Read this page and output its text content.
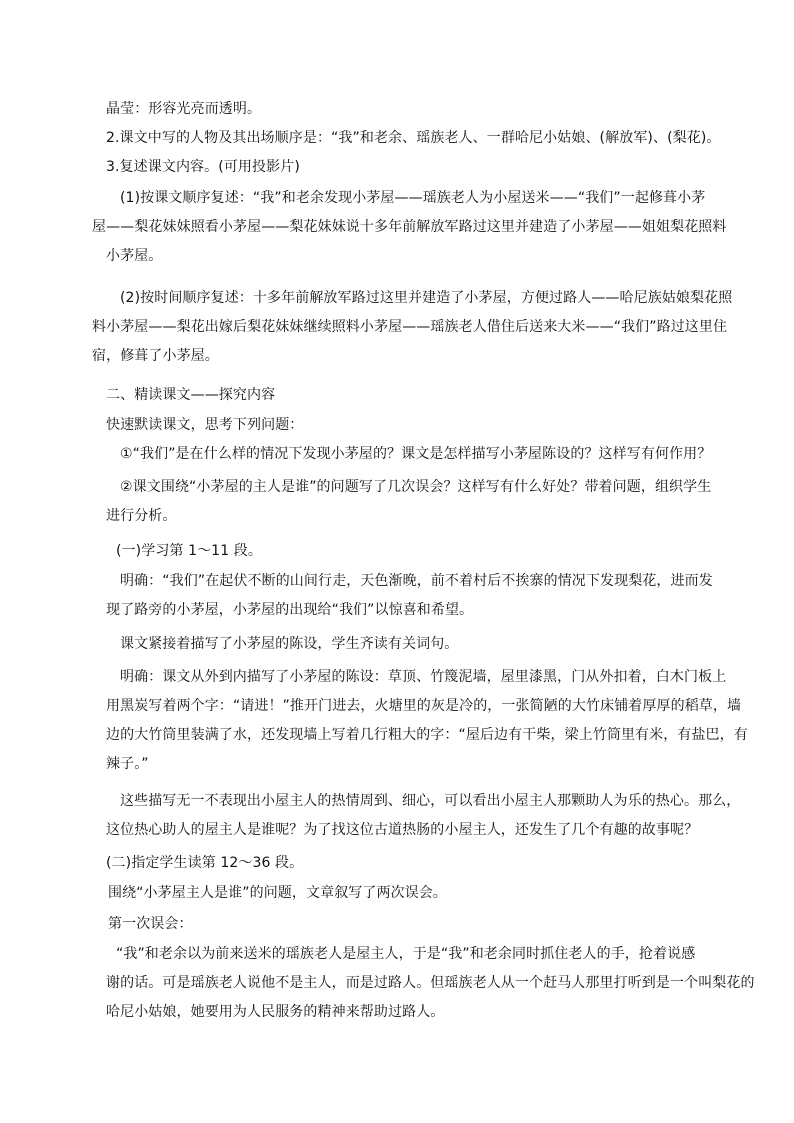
晶莹：形容光亮而透明。
2.课文中写的人物及其出场顺序是：“我”和老余、瑶族老人、一群哈尼小姑娘、(解放军)、(梨花)。
3.复述课文内容。(可用投影片)
(1)按课文顺序复述：“我”和老余发现小茅屋——瑶族老人为小屋送米——“我们”一起修葺小茅
屋——梨花妹妹照看小茅屋——梨花妹妹说十多年前解放军路过这里并建造了小茅屋——姐姐梨花照料
小茅屋。
(2)按时间顺序复述：十多年前解放军路过这里并建造了小茅屋，方便过路人——哈尼族姑娘梨花照
料小茅屋——梨花出嫁后梨花妹妹继续照料小茅屋——瑶族老人借住后送来大米——“我们”路过这里住
宿，修葺了小茅屋。
二、精读课文——探究内容
快速默读课文，思考下列问题：
①“我们”是在什么样的情况下发现小茅屋的？课文是怎样描写小茅屋陈设的？这样写有何作用？
②课文围绕“小茅屋的主人是谁”的问题写了几次误会？这样写有什么好处？带着问题，组织学生
进行分析。
(一)学习第 1～11 段。
明确：“我们”在起伏不断的山间行走，天色渐晚，前不着村后不挨寨的情况下发现梨花，进而发
现了路旁的小茅屋，小茅屋的出现给“我们”以惊喜和希望。
课文紧接着描写了小茅屋的陈设，学生齐读有关词句。
明确：课文从外到内描写了小茅屋的陈设：草顶、竹篾泥墙，屋里漆黑，门从外扣着，白木门板上
用黑炭写着两个字：“请进！”推开门进去，火塘里的灰是冷的，一张简陋的大竹床铺着厚厚的稻草，墙
边的大竹筒里装满了水，还发现墙上写着几行粗大的字：“屋后边有干柴，梁上竹筒里有米，有盐巴，有
辣子。”
这些描写无一不表现出小屋主人的热情周到、细心，可以看出小屋主人那颗助人为乐的热心。那么，
这位热心助人的屋主人是谁呢？为了找这位古道热肠的小屋主人，还发生了几个有趣的故事呢？
(二)指定学生读第 12～36 段。
围绕“小茅屋主人是谁”的问题，文章叙写了两次误会。
第一次误会：
“我”和老余以为前来送米的瑶族老人是屋主人，于是“我”和老余同时抓住老人的手，抢着说感
谢的话。可是瑶族老人说他不是主人，而是过路人。但瑶族老人从一个赶马人那里打听到是一个叫梨花的
哈尼小姑娘，她要用为人民服务的精神来帮助过路人。
